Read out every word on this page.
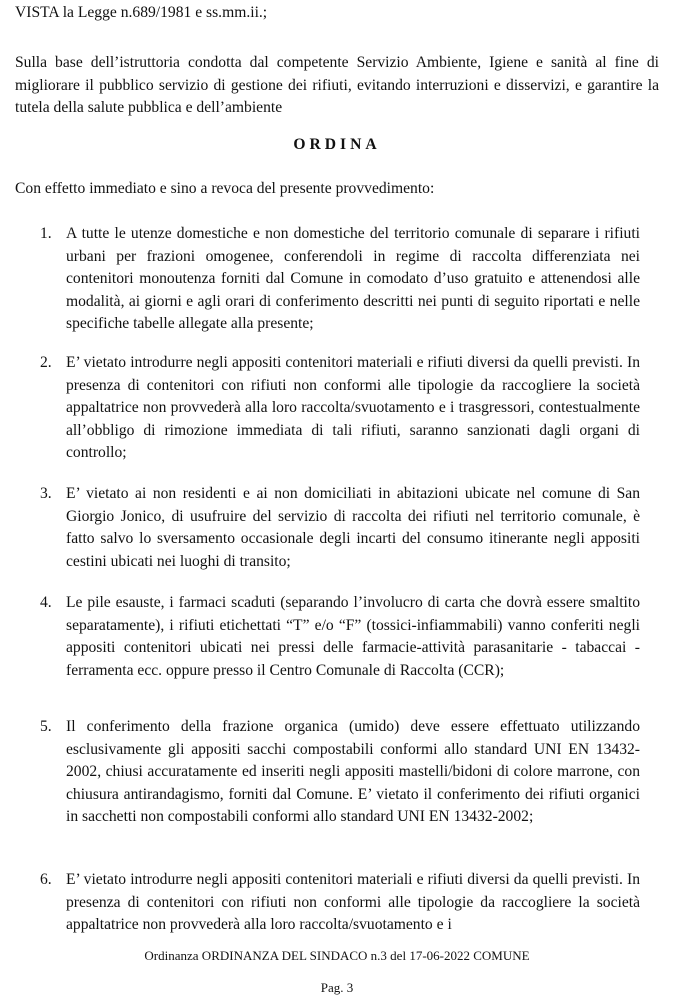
VISTA la Legge n.689/1981 e ss.mm.ii.;

Sulla base dell’istruttoria condotta dal competente Servizio Ambiente, Igiene e sanità al fine di migliorare il pubblico servizio di gestione dei rifiuti, evitando interruzioni e disservizi, e garantire la tutela della salute pubblica e dell’ambiente

ORDINA

Con effetto immediato e sino a revoca del presente provvedimento:

1. A tutte le utenze domestiche e non domestiche del territorio comunale di separare i rifiuti urbani per frazioni omogenee, conferendoli in regime di raccolta differenziata nei contenitori monoutenza forniti dal Comune in comodato d’uso gratuito e attenendosi alle modalità, ai giorni e agli orari di conferimento descritti nei punti di seguito riportati e nelle specifiche tabelle allegate alla presente;
2. E’ vietato introdurre negli appositi contenitori materiali e rifiuti diversi da quelli previsti. In presenza di contenitori con rifiuti non conformi alle tipologie da raccogliere la società appaltatrice non provvederà alla loro raccolta/svuotamento e i trasgressori, contestualmente all’obbligo di rimozione immediata di tali rifiuti, saranno sanzionati dagli organi di controllo;
3. E’ vietato ai non residenti e ai non domiciliati in abitazioni ubicate nel comune di San Giorgio Jonico, di usufruire del servizio di raccolta dei rifiuti nel territorio comunale, è fatto salvo lo sversamento occasionale degli incarti del consumo itinerante negli appositi cestini ubicati nei luoghi di transito;
4. Le pile esauste, i farmaci scaduti (separando l’involucro di carta che dovrà essere smaltito separatamente), i rifiuti etichettati “T” e/o “F” (tossici-infiammabili) vanno conferiti negli appositi contenitori ubicati nei pressi delle farmacie-attività parasanitarie - tabaccai - ferramenta ecc. oppure presso il Centro Comunale di Raccolta (CCR);
5. Il conferimento della frazione organica (umido) deve essere effettuato utilizzando esclusivamente gli appositi sacchi compostabili conformi allo standard UNI EN 13432-2002, chiusi accuratamente ed inseriti negli appositi mastelli/bidoni di colore marrone, con chiusura antirandagismo, forniti dal Comune. E’ vietato il conferimento dei rifiuti organici in sacchetti non compostabili conformi allo standard UNI EN 13432-2002;
6. E’ vietato introdurre negli appositi contenitori materiali e rifiuti diversi da quelli previsti. In presenza di contenitori con rifiuti non conformi alle tipologie da raccogliere la società appaltatrice non provvederà alla loro raccolta/svuotamento e i

Ordinanza ORDINANZA DEL SINDACO n.3 del 17-06-2022 COMUNE

Pag. 3
